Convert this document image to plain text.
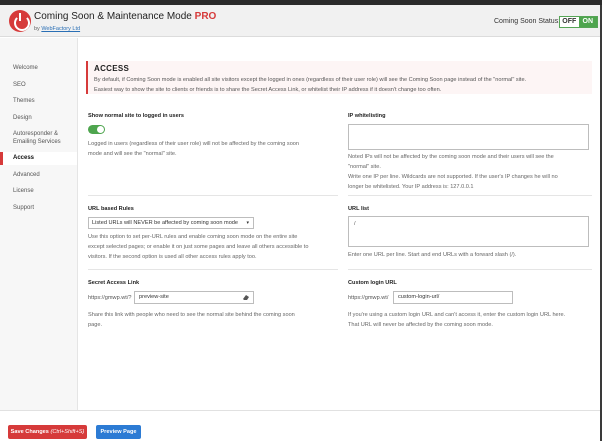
Coming Soon & Maintenance Mode PRO
by WebFactory Ltd
Coming Soon Status: OFF ON
Welcome
SEO
Themes
Design
Autoresponder & Emailing Services
Access
Advanced
License
Support
ACCESS
By default, if Coming Soon mode is enabled all site visitors except the logged in ones (regardless of their user role) will see the Coming Soon page instead of the "normal" site.
Easiest way to show the site to clients or friends is to share the Secret Access Link, or whitelist their IP address if it doesn't change too often.
Show normal site to logged in users
Logged in users (regardless of their user role) will not be affected by the coming soon
mode and will see the "normal" site.
IP whitelisting
Noted IPs will not be affected by the coming soon mode and their users will see the
"normal" site.
Write one IP per line. Wildcards are not supported. If the user's IP changes he will no
longer be whitelisted. Your IP address is: 127.0.0.1
URL based Rules
Listed URLs will NEVER be affected by coming soon mode ▾
Use this option to set per-URL rules and enable coming soon mode on the entire site
except selected pages; or enable it on just some pages and leave all others accessible to
visitors. If the second option is used all other access rules apply too.
URL list
/
Enter one URL per line. Start and end URLs with a forward slash (/).
Secret Access Link
https://gmwp.wt/?	preview-site
Share this link with people who need to see the normal site behind the coming soon
page.
Custom login URL
https://gmwp.wt/	custom-login-url/
If you're using a custom login URL and can't access it, enter the custom login URL here.
That URL will never be affected by the coming soon mode.
Save Changes (Ctrl+Shift+S)	Preview Page
